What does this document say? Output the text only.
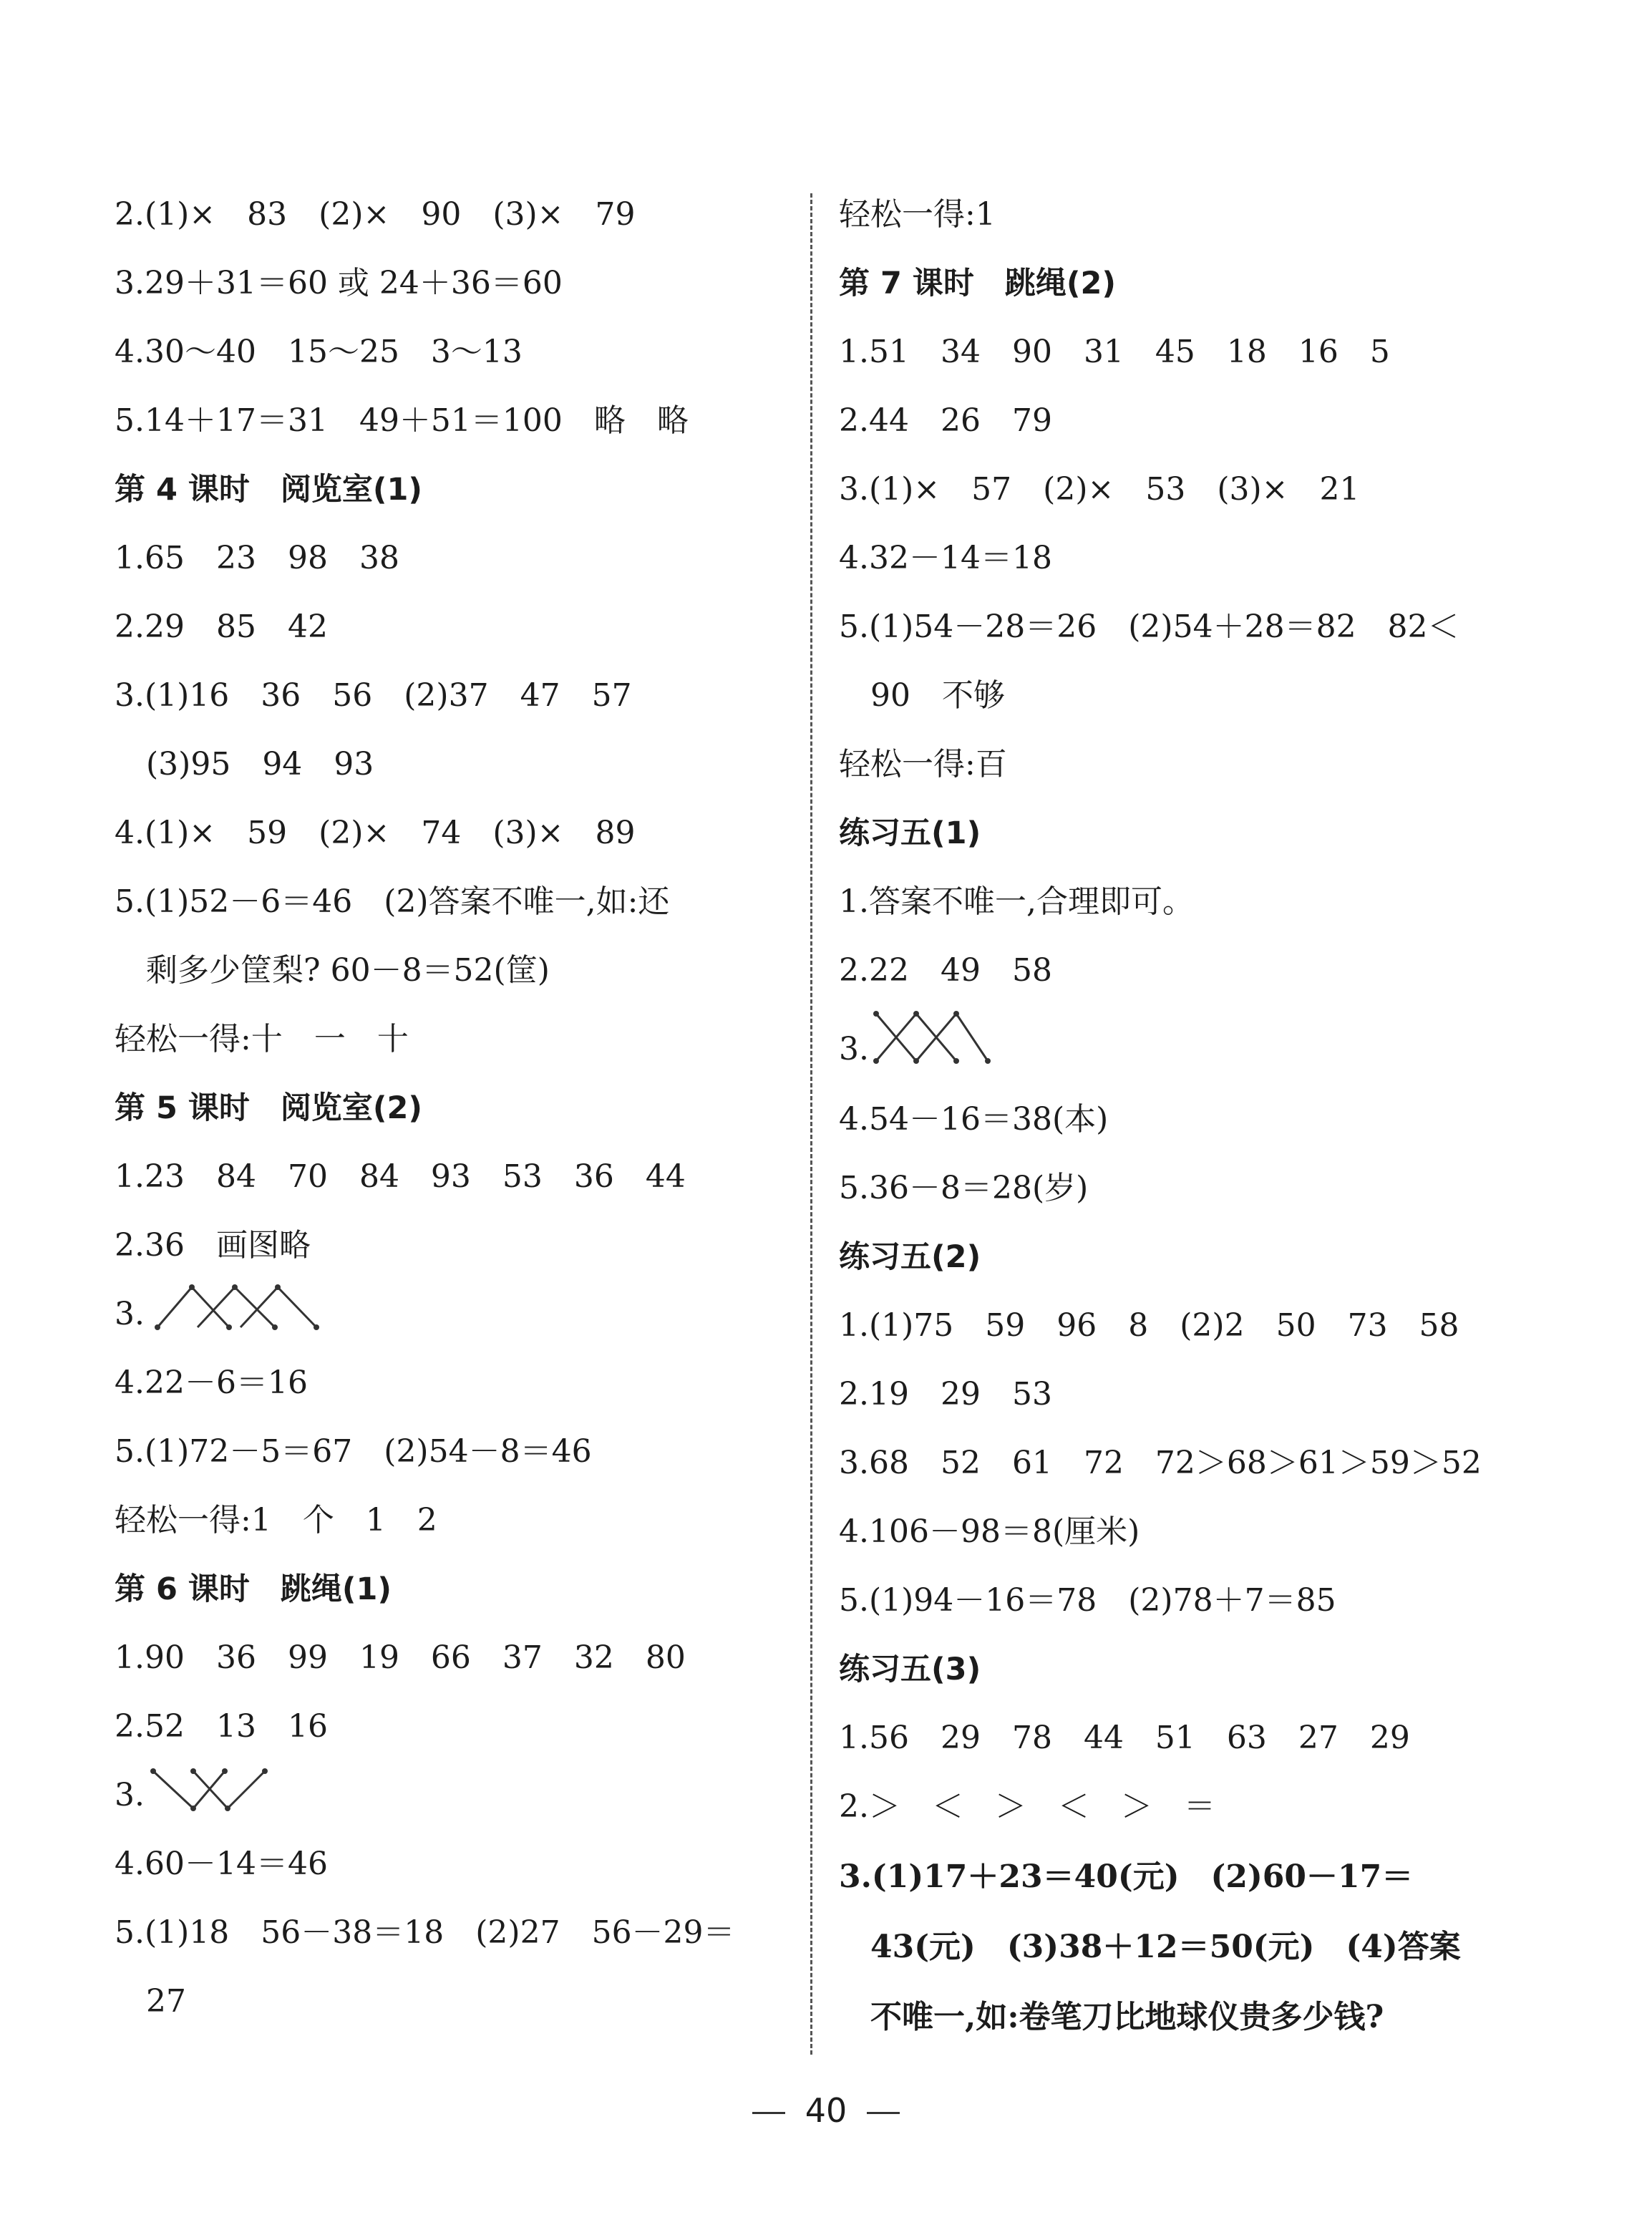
2.(1)×　83　(2)×　90　(3)×　79
3.29＋31＝60 或 24＋36＝60
4.30～40　15～25　3～13
5.14＋17＝31　49＋51＝100　略　略
第 4 课时　阅览室(1)
1.65　23　98　38
2.29　85　42
3.(1)16　36　56　(2)37　47　57
(3)95　94　93
4.(1)×　59　(2)×　74　(3)×　89
5.(1)52－6＝46　(2)答案不唯一,如:还
剩多少筐梨? 60－8＝52(筐)
轻松一得:十　一　十
第 5 课时　阅览室(2)
1.23　84　70　84　93　53　36　44
2.36　画图略
3.
4.22－6＝16
5.(1)72－5＝67　(2)54－8＝46
轻松一得:1　个　1　2
第 6 课时　跳绳(1)
1.90　36　99　19　66　37　32　80
2.52　13　16
3.
4.60－14＝46
5.(1)18　56－38＝18　(2)27　56－29＝
27
轻松一得:1
第 7 课时　跳绳(2)
1.51　34　90　31　45　18　16　5
2.44　26　79
3.(1)×　57　(2)×　53　(3)×　21
4.32－14＝18
5.(1)54－28＝26　(2)54＋28＝82　82＜
90　不够
轻松一得:百
练习五(1)
1.答案不唯一,合理即可。
2.22　49　58
3.
4.54－16＝38(本)
5.36－8＝28(岁)
练习五(2)
1.(1)75　59　96　8　(2)2　50　73　58
2.19　29　53
3.68　52　61　72　72＞68＞61＞59＞52
4.106－98＝8(厘米)
5.(1)94－16＝78　(2)78＋7＝85
练习五(3)
1.56　29　78　44　51　63　27　29
2.＞　＜　＞　＜　＞　＝
3.(1)17＋23＝40(元)　(2)60－17＝
43(元)　(3)38＋12＝50(元)　(4)答案
不唯一,如:卷笔刀比地球仪贵多少钱?
40
